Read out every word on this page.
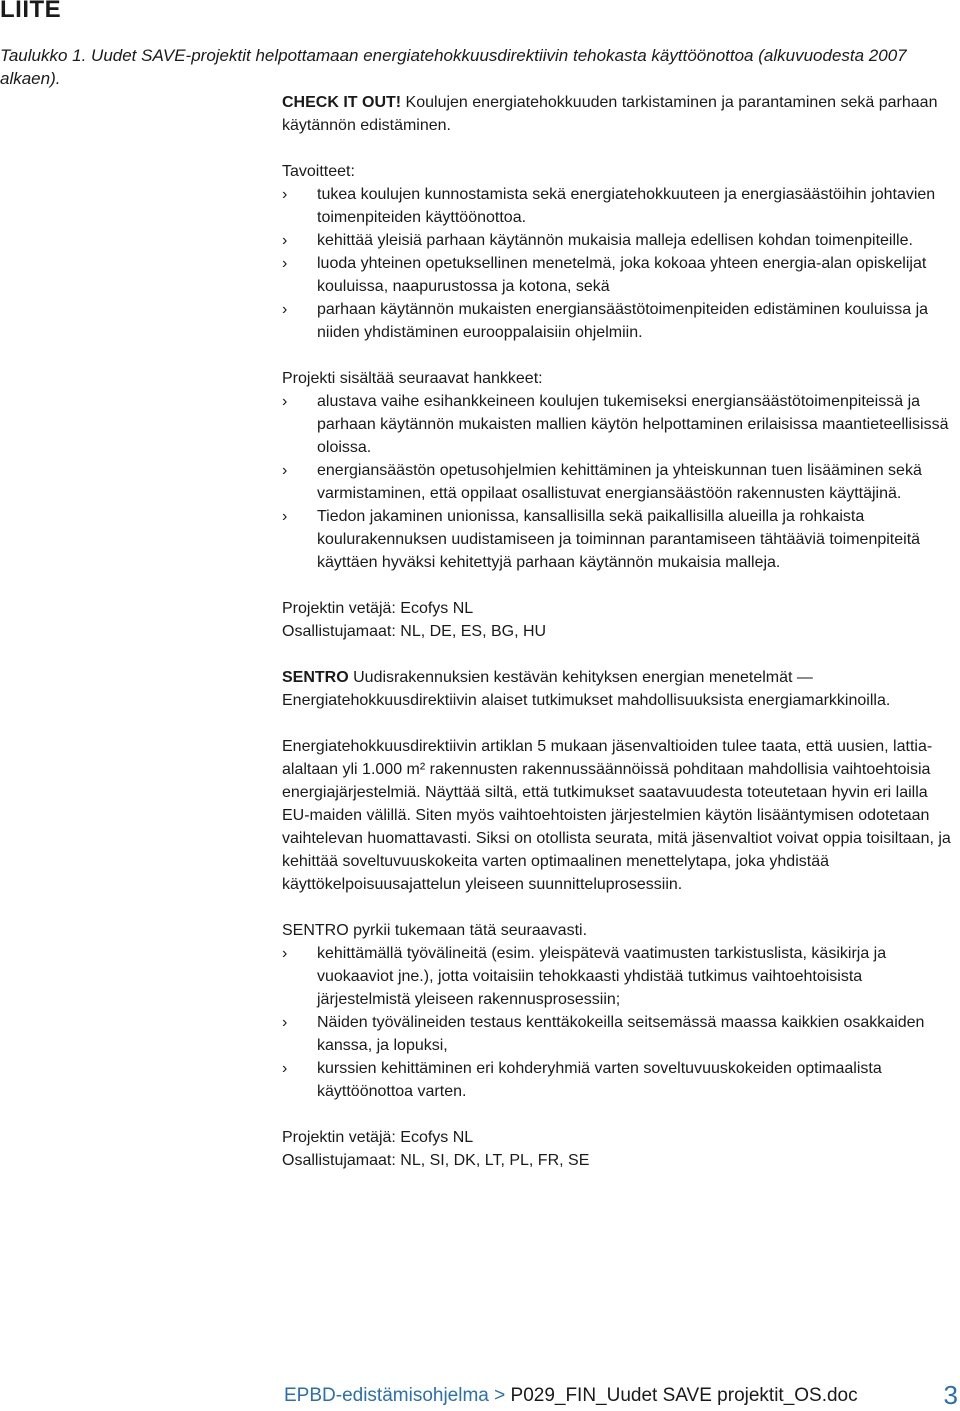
LIITE

Taulukko 1. Uudet SAVE-projektit helpottamaan energiatehokkuusdirektiivin tehokasta käyttöönottoa (alkuvuodesta 2007 alkaen).

CHECK IT OUT! Koulujen energiatehokkuuden tarkistaminen ja parantaminen sekä parhaan käytännön edistäminen.

Tavoitteet:

›	tukea koulujen kunnostamista sekä energiatehokkuuteen ja energiasäästöihin johtavien toimenpiteiden käyttöönottoa.
›	kehittää yleisiä parhaan käytännön mukaisia malleja edellisen kohdan toimenpiteille.
›	luoda yhteinen opetuksellinen menetelmä, joka kokoaa yhteen energia-alan opiskelijat kouluissa, naapurustossa ja kotona, sekä
›	parhaan käytännön mukaisten energiansäästötoimenpiteiden edistäminen kouluissa ja niiden yhdistäminen eurooppalaisiin ohjelmiin.

Projekti sisältää seuraavat hankkeet:

›	alustava vaihe esihankkeineen koulujen tukemiseksi energiansäästötoimenpiteissä ja parhaan käytännön mukaisten mallien käytön helpottaminen erilaisissa maantieteellisissä oloissa.
›	energiansäästön opetusohjelmien kehittäminen ja yhteiskunnan tuen lisääminen sekä varmistaminen, että oppilaat osallistuvat energiansäästöön rakennusten käyttäjinä.
›	Tiedon jakaminen unionissa, kansallisilla sekä paikallisilla alueilla ja rohkaista koulurakennuksen uudistamiseen ja toiminnan parantamiseen tähtääviä toimenpiteitä käyttäen hyväksi kehitettyjä parhaan käytännön mukaisia malleja.

Projektin vetäjä: Ecofys NL

Osallistujamaat: NL, DE, ES, BG, HU

SENTRO Uudisrakennuksien kestävän kehityksen energian menetelmät — Energiatehokkuusdirektiivin alaiset tutkimukset mahdollisuuksista energiamarkkinoilla.

Energiatehokkuusdirektiivin artiklan 5 mukaan jäsenvaltioiden tulee taata, että uusien, lattia-alaltaan yli 1.000 m² rakennusten rakennussäännöissä pohditaan mahdollisia vaihtoehtoisia energiajärjestelmiä. Näyttää siltä, että tutkimukset saatavuudesta toteutetaan hyvin eri lailla EU-maiden välillä. Siten myös vaihtoehtoisten järjestelmien käytön lisääntymisen odotetaan vaihtelevan huomattavasti. Siksi on otollista seurata, mitä jäsenvaltiot voivat oppia toisiltaan, ja kehittää soveltuvuuskokeita varten optimaalinen menettelytapa, joka yhdistää käyttökelpoisuusajattelun yleiseen suunnitteluprosessiin.

SENTRO pyrkii tukemaan tätä seuraavasti.

›	kehittämällä työvälineitä (esim. yleispätevä vaatimusten tarkistuslista, käsikirja ja vuokaaviot jne.), jotta voitaisiin tehokkaasti yhdistää tutkimus vaihtoehtoisista järjestelmistä yleiseen rakennusprosessiin;
›	Näiden työvälineiden testaus kenttäkokeilla seitsemässä maassa kaikkien osakkaiden kanssa, ja lopuksi,
›	kurssien kehittäminen eri kohderyhmiä varten soveltuvuuskokeiden optimaalista käyttöönottoa varten.

Projektin vetäjä: Ecofys NL

Osallistujamaat: NL, SI, DK, LT, PL, FR, SE

EPBD-edistämisohjelma > P029_FIN_Uudet SAVE projektit_OS.doc	3
